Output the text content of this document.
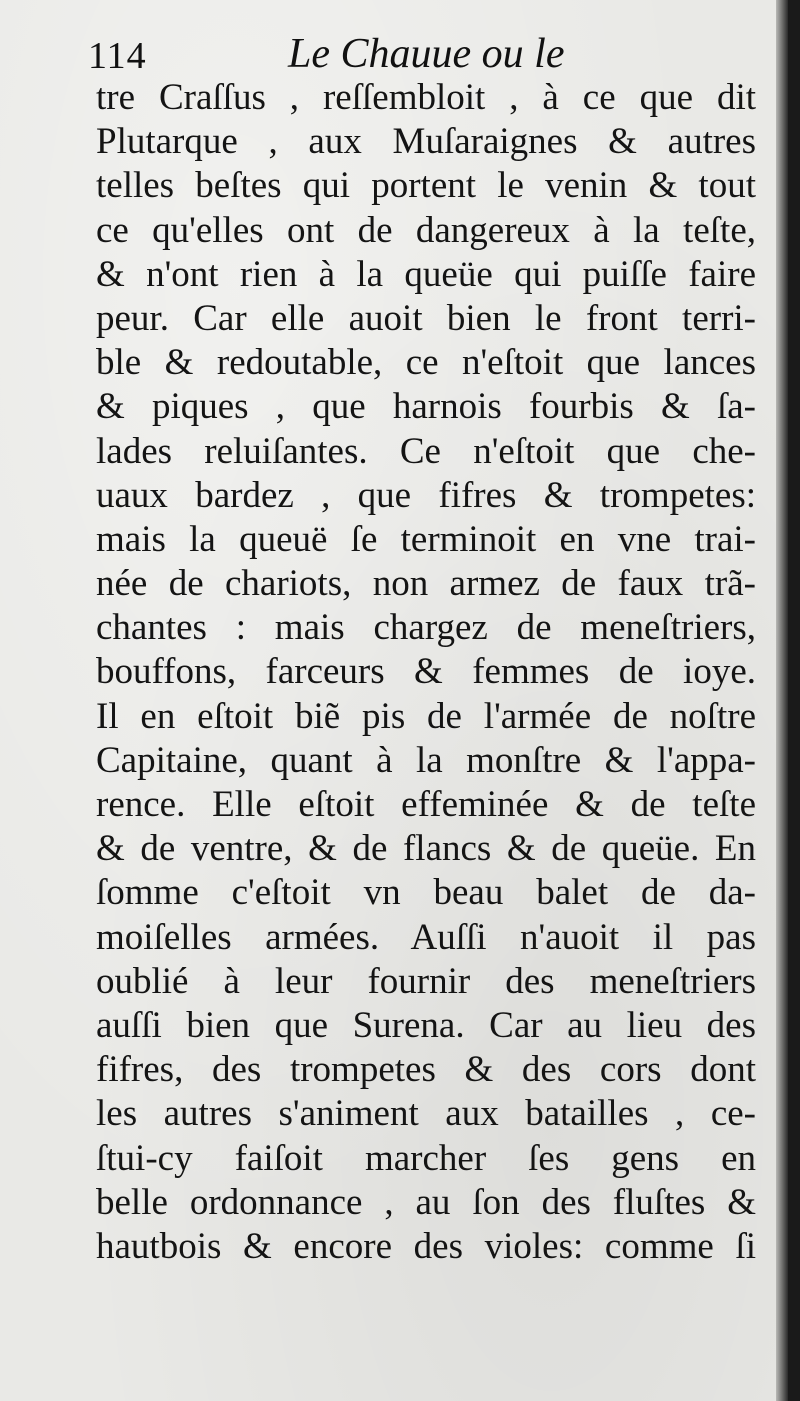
114	Le Chauue ou le
tre Craſſus , reſſembloit , à ce que dit
Plutarque , aux Muſaraignes & autres
telles beſtes qui portent le venin & tout
ce qu'elles ont de dangereux à la teſte,
& n'ont rien à la queüe qui puiſſe faire
peur. Car elle auoit bien le front terri-
ble & redoutable, ce n'eſtoit que lances
& piques , que harnois fourbis & ſa-
lades reluiſantes. Ce n'eſtoit que che-
uaux bardez , que fifres & trompetes:
mais la queuë ſe terminoit en vne trai-
née de chariots, non armez de faux trã-
chantes : mais chargez de meneſtriers,
bouffons, farceurs & femmes de ioye.
Il en eſtoit biẽ pis de l'armée de noſtre
Capitaine, quant à la monſtre & l'appa-
rence. Elle eſtoit effeminée & de teſte
& de ventre, & de flancs & de queüe. En
ſomme c'eſtoit vn beau balet de da-
moiſelles armées. Auſſi n'auoit il pas
oublié à leur fournir des meneſtriers
auſſi bien que Surena. Car au lieu des
fifres, des trompetes & des cors dont
les autres s'animent aux batailles , ce-
ſtui-cy faiſoit marcher ſes gens en
belle ordonnance , au ſon des fluſtes &
hautbois & encore des violes: comme ſi
